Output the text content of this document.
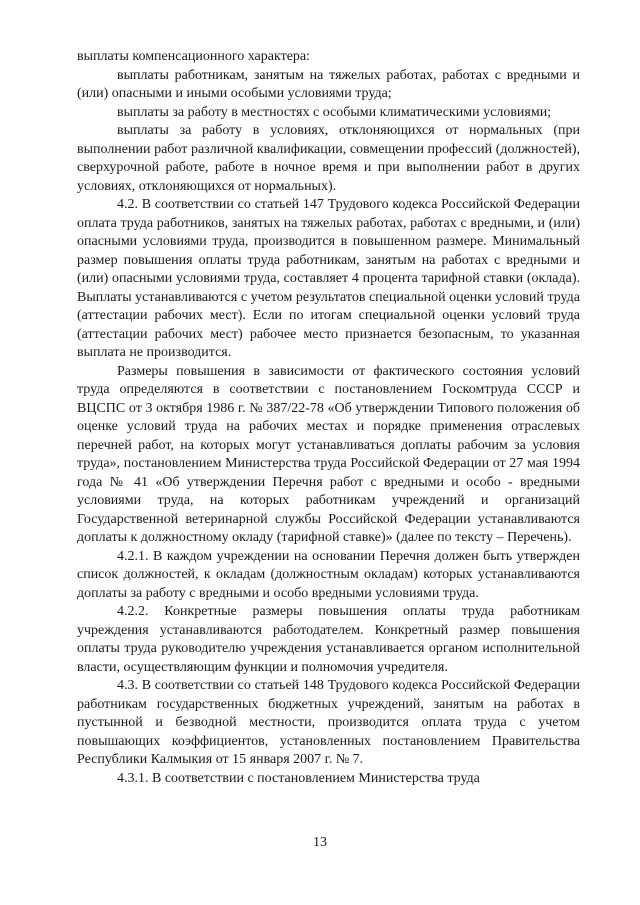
выплаты компенсационного характера:

выплаты работникам, занятым на тяжелых работах, работах с вредными и (или) опасными и иными особыми условиями труда;

выплаты за работу в местностях с особыми климатическими условиями;

выплаты за работу в условиях, отклоняющихся от нормальных (при выполнении работ различной квалификации, совмещении профессий (должностей), сверхурочной работе, работе в ночное время и при выполнении работ в других условиях, отклоняющихся от нормальных).

4.2. В соответствии со статьей 147 Трудового кодекса Российской Федерации оплата труда работников, занятых на тяжелых работах, работах с вредными, и (или) опасными условиями труда, производится в повышенном размере. Минимальный размер повышения оплаты труда работникам, занятым на работах с вредными и (или) опасными условиями труда, составляет 4 процента тарифной ставки (оклада). Выплаты устанавливаются с учетом результатов специальной оценки условий труда (аттестации рабочих мест). Если по итогам специальной оценки условий труда (аттестации рабочих мест) рабочее место признается безопасным, то указанная выплата не производится.

Размеры повышения в зависимости от фактического состояния условий труда определяются в соответствии с постановлением Госкомтруда СССР и ВЦСПС от 3 октября 1986 г. № 387/22-78 «Об утверждении Типового положения об оценке условий труда на рабочих местах и порядке применения отраслевых перечней работ, на которых могут устанавливаться доплаты рабочим за условия труда», постановлением Министерства труда Российской Федерации от 27 мая 1994 года № 41 «Об утверждении Перечня работ с вредными и особо - вредными условиями труда, на которых работникам учреждений и организаций Государственной ветеринарной службы Российской Федерации устанавливаются доплаты к должностному окладу (тарифной ставке)» (далее по тексту – Перечень).

4.2.1. В каждом учреждении на основании Перечня должен быть утвержден список должностей, к окладам (должностным окладам) которых устанавливаются доплаты за работу с вредными и особо вредными условиями труда.

4.2.2. Конкретные размеры повышения оплаты труда работникам учреждения устанавливаются работодателем. Конкретный размер повышения оплаты труда руководителю учреждения устанавливается органом исполнительной власти, осуществляющим функции и полномочия учредителя.

4.3. В соответствии со статьей 148 Трудового кодекса Российской Федерации работникам государственных бюджетных учреждений, занятым на работах в пустынной и безводной местности, производится оплата труда с учетом повышающих коэффициентов, установленных постановлением Правительства Республики Калмыкия от 15 января 2007 г. № 7.

4.3.1. В соответствии с постановлением Министерства труда

13
